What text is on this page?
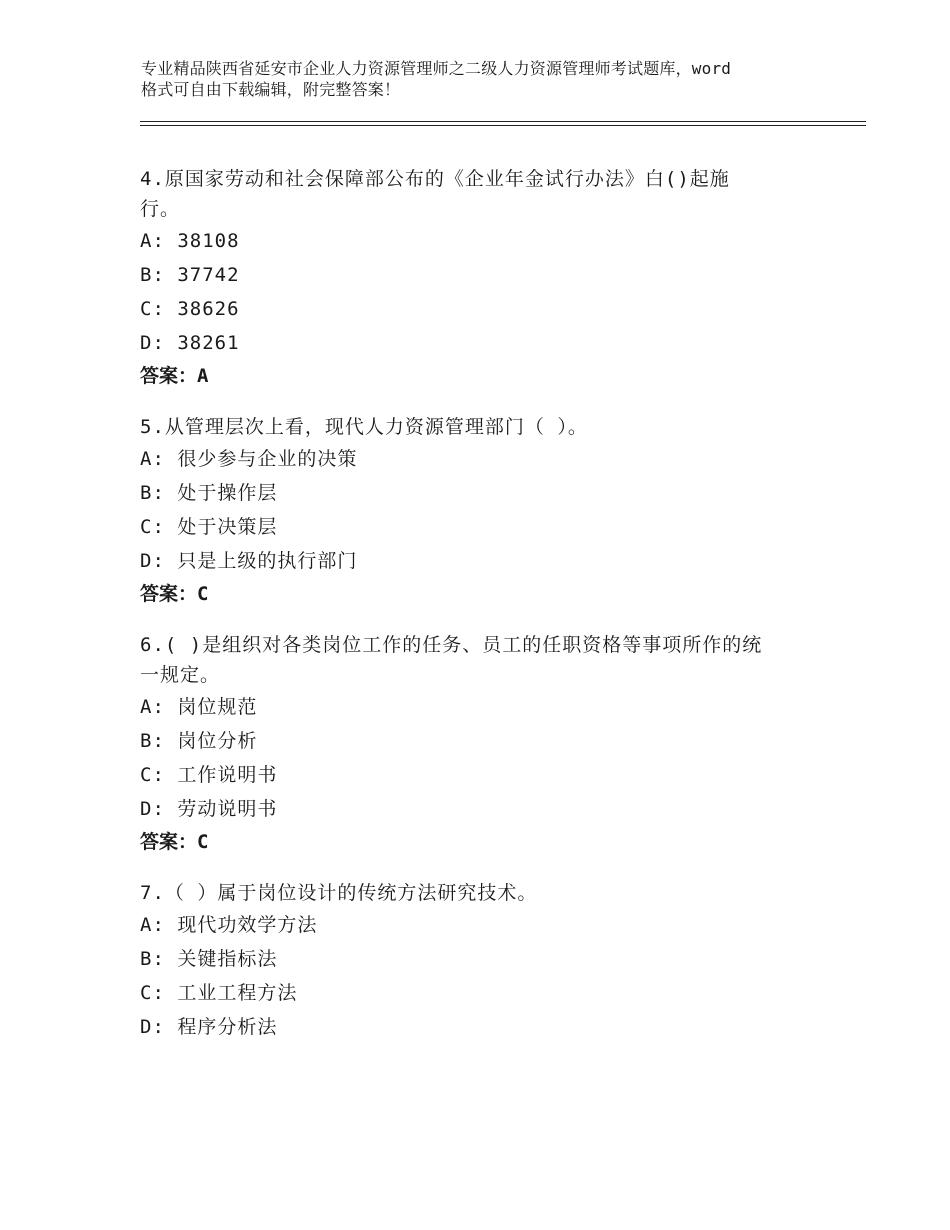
专业精品陕西省延安市企业人力资源管理师之二级人力资源管理师考试题库，word
格式可自由下载编辑，附完整答案！
4.原国家劳动和社会保障部公布的《企业年金试行办法》白()起施
行。
A: 38108
B: 37742
C: 38626
D: 38261
答案：A
5.从管理层次上看，现代人力资源管理部门（ ）。
A: 很少参与企业的决策
B: 处于操作层
C: 处于决策层
D: 只是上级的执行部门
答案：C
6.( )是组织对各类岗位工作的任务、员工的任职资格等事项所作的统
一规定。
A: 岗位规范
B: 岗位分析
C: 工作说明书
D: 劳动说明书
答案：C
7.（ ）属于岗位设计的传统方法研究技术。
A: 现代功效学方法
B: 关键指标法
C: 工业工程方法
D: 程序分析法
